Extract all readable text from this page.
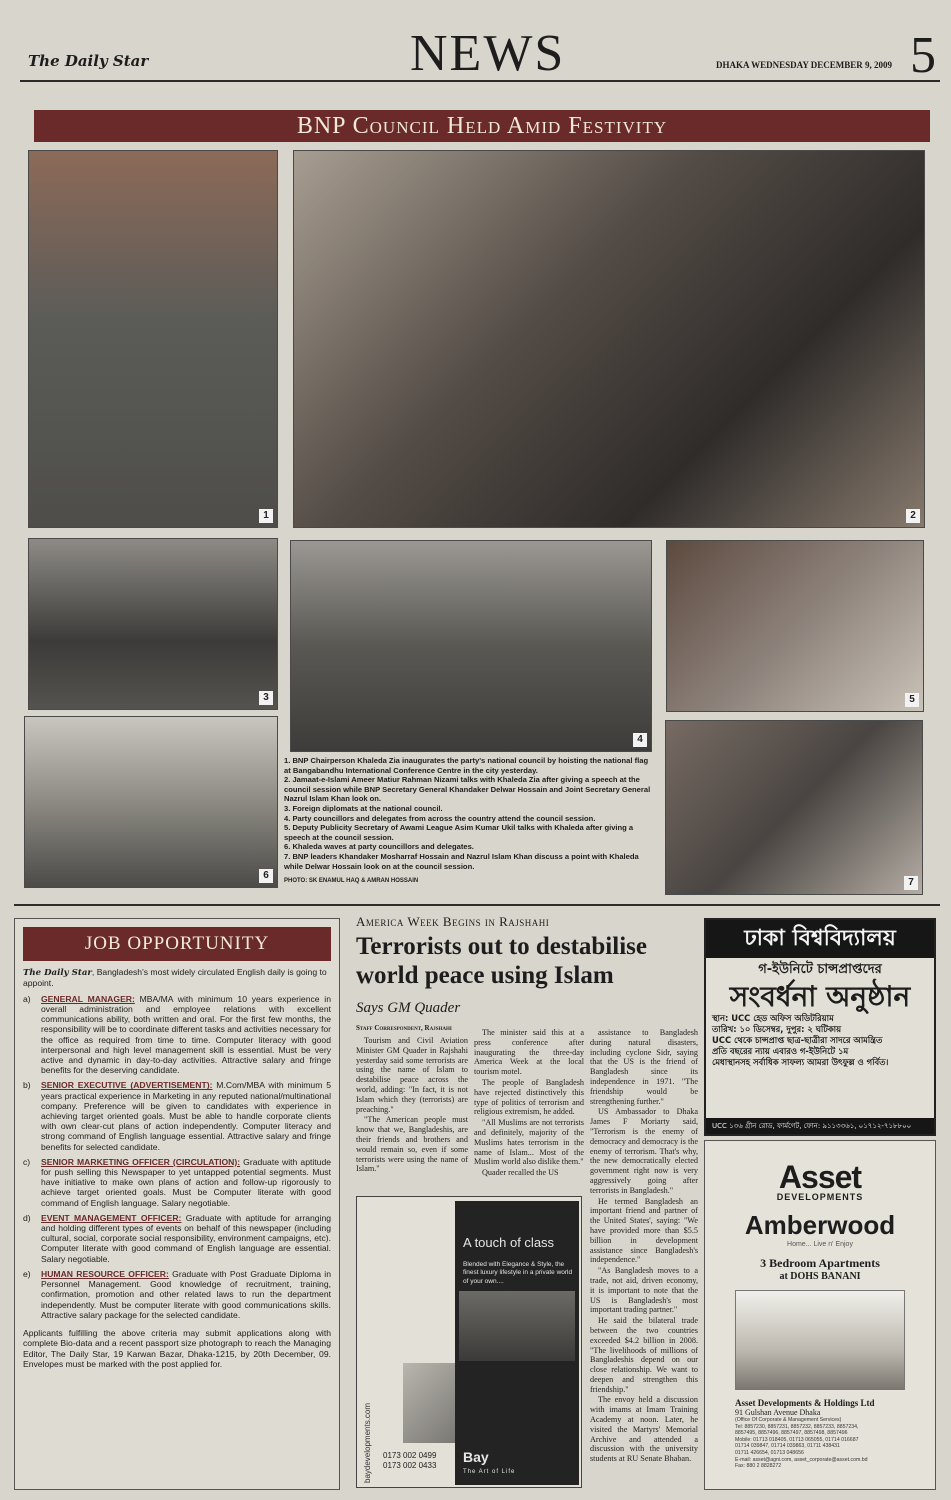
The Daily Star	NEWS	DHAKA WEDNESDAY DECEMBER 9, 2009 5
BNP Council Held Amid Festivity
1	2
3
4
5
6
7
1. BNP Chairperson Khaleda Zia inaugurates the party's national council by hoisting the national flag at Bangabandhu International Conference Centre in the city yesterday.
2. Jamaat-e-Islami Ameer Matiur Rahman Nizami talks with Khaleda Zia after giving a speech at the council session while BNP Secretary General Khandaker Delwar Hossain and Joint Secretary General Nazrul Islam Khan look on.
3. Foreign diplomats at the national council.
4. Party councillors and delegates from across the country attend the council session.
5. Deputy Publicity Secretary of Awami League Asim Kumar Ukil talks with Khaleda after giving a speech at the council session.
6. Khaleda waves at party councillors and delegates.
7. BNP leaders Khandaker Mosharraf Hossain and Nazrul Islam Khan discuss a point with Khaleda while Delwar Hossain look on at the council session.
PHOTO: SK ENAMUL HAQ & AMRAN HOSSAIN
JOB OPPORTUNITY
The Daily Star, Bangladesh's most widely circulated English daily is going to appoint.
a)	GENERAL MANAGER: MBA/MA with minimum 10 years experience in overall administration and employee relations with excellent communications ability, both written and oral. For the first few months, the responsibility will be to coordinate different tasks and activities necessary for the office as required from time to time. Computer literacy with good interpersonal and high level management skill is essential. Must be very active and dynamic in day-to-day activities. Attractive salary and fringe benefits for the deserving candidate.
b)	SENIOR EXECUTIVE (ADVERTISEMENT): M.Com/MBA with minimum 5 years practical experience in Marketing in any reputed national/multinational company. Preference will be given to candidates with experience in achieving target oriented goals. Must be able to handle corporate clients with own clear-cut plans of action independently. Computer literacy and strong command of English language essential. Attractive salary and fringe benefits for selected candidate.
c)	SENIOR MARKETING OFFICER (CIRCULATION): Graduate with aptitude for push selling this Newspaper to yet untapped potential segments. Must have initiative to make own plans of action and follow-up rigorously to achieve target oriented goals. Must be Computer literate with good command of English language. Salary negotiable.
d)	EVENT MANAGEMENT OFFICER: Graduate with aptitude for arranging and holding different types of events on behalf of this newspaper (including cultural, social, corporate social responsibility, environment campaigns, etc). Computer literate with good command of English language are essential. Salary negotiable.
e)	HUMAN RESOURCE OFFICER: Graduate with Post Graduate Diploma in Personnel Management. Good knowledge of recruitment, training, confirmation, promotion and other related laws to run the department independently. Must be computer literate with good communications skills. Attractive salary package for the selected candidate.
Applicants fulfilling the above criteria may submit applications along with complete Bio-data and a recent passport size photograph to reach the Managing Editor, The Daily Star, 19 Karwan Bazar, Dhaka-1215, by 20th December, 09. Envelopes must be marked with the post applied for.
America Week Begins in Rajshahi
Terrorists out to destabilise world peace using Islam
Says GM Quader
Staff Correspondent, Rajshahi

Tourism and Civil Aviation Minister GM Quader in Rajshahi yesterday said some terrorists are using the name of Islam to destabilise peace across the world, adding: "In fact, it is not Islam which they (terrorists) are preaching."

"The American people must know that we, Bangladeshis, are their friends and brothers and would remain so, even if some terrorists were using the name of Islam."

The minister said this at a press conference after inaugurating the three-day America Week at the local tourism motel.

The people of Bangladesh have rejected distinctively this type of politics of terrorism and religious extremism, he added.

"All Muslims are not terrorists and definitely, majority of the Muslims hates terrorism in the name of Islam... Most of the Muslim world also dislike them."

Quader recalled the US

assistance to Bangladesh during natural disasters, including cyclone Sidr, saying that the US is the friend of Bangladesh since its independence in 1971. "The friendship would be strengthening further."

US Ambassador to Dhaka James F Moriarty said, "Terrorism is the enemy of democracy and democracy is the enemy of terrorism. That's why, the new democratically elected government right now is very aggressively going after terrorists in Bangladesh."

He termed Bangladesh an important friend and partner of the United States', saying: "We have provided more than $5.5 billion in development assistance since Bangladesh's independence."

"As Bangladesh moves to a trade, not aid, driven economy, it is important to note that the US is Bangladesh's most important trading partner."

He said the bilateral trade between the two countries exceeded $4.2 billion in 2008. "The livelihoods of millions of Bangladeshis depend on our close relationship. We want to deepen and strengthen this friendship."

The envoy held a discussion with imams at Imam Training Academy at noon. Later, he visited the Martyrs' Memorial Archive and attended a discussion with the university students at RU Senate Bhaban.

baydevelopments.com	0173 002 0499
0173 002 0433
A touch of class
Blended with Elegance & Style, the finest luxury lifestyle in a private world of your own....
Bay
The Art of Life
ঢাকা বিশ্ববিদ্যালয়
গ-ইউনিটে চান্সপ্রাপ্তদের
সংবর্ধনা অনুষ্ঠান
স্থান: UCC হেড অফিস অডিটরিয়াম
তারিখ: ১০ ডিসেম্বর, দুপুর: ২ ঘটিকায়
UCC থেকে চান্সপ্রাপ্ত ছাত্র-ছাত্রীরা সাদরে আমন্ত্রিত
প্রতি বছরের ন্যায় এবারও গ-ইউনিটে ১ম
মেধাস্থানসহ সর্বাধিক সাফল্য আমরা উৎফুল্ল ও গর্বিত।
UCC ১৩৬ গ্রীন রোড, ফার্মগেট, ফোন: ৯১১৩৩৬১, ০১৭১২-৭১৮৮০০
Asset
DEVELOPMENTS
Amberwood
Home... Live n' Enjoy
3 Bedroom Apartments
at DOHS BANANI
Asset Developments & Holdings Ltd
91 Gulshan Avenue Dhaka
(Office Of Corporate & Management Services)
Tel: 8857230, 8857231, 8857232, 8857233, 8857234,
8857495, 8857496, 8857497, 8857498, 8857496
Mobile: 01713 018405, 01713 065055, 01714 016687
01714 039847, 01714 039863, 01711 438431
01711 426654, 01713 048656
E-mail: asset@agni.com, asset_corporate@asset.com.bd
Fax: 880 2 8828272
